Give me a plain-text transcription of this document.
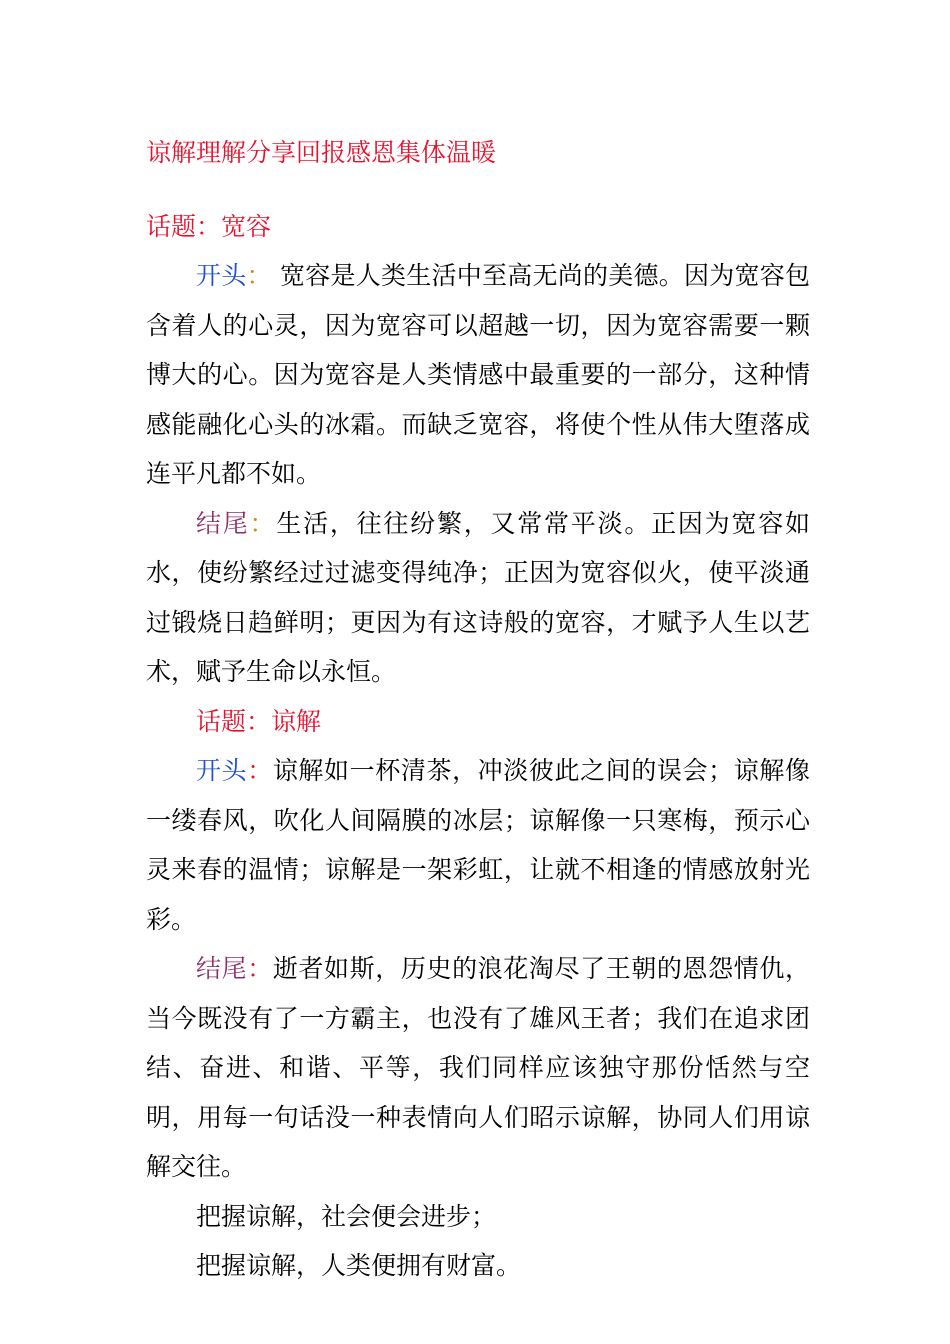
谅解理解分享回报感恩集体温暖

话题：宽容

开头： 宽容是人类生活中至高无尚的美德。因为宽容包含着人的心灵，因为宽容可以超越一切，因为宽容需要一颗博大的心。因为宽容是人类情感中最重要的一部分，这种情感能融化心头的冰霜。而缺乏宽容，将使个性从伟大堕落成连平凡都不如。

结尾：生活，往往纷繁，又常常平淡。正因为宽容如水，使纷繁经过过滤变得纯净；正因为宽容似火，使平淡通过锻烧日趋鲜明；更因为有这诗般的宽容，才赋予人生以艺术，赋予生命以永恒。

话题：谅解

开头：谅解如一杯清茶，冲淡彼此之间的误会；谅解像一缕春风，吹化人间隔膜的冰层；谅解像一只寒梅，预示心灵来春的温情；谅解是一架彩虹，让就不相逢的情感放射光彩。

结尾：逝者如斯，历史的浪花淘尽了王朝的恩怨情仇，当今既没有了一方霸主，也没有了雄风王者；我们在追求团结、奋进、和谐、平等，我们同样应该独守那份恬然与空明，用每一句话没一种表情向人们昭示谅解，协同人们用谅解交往。

把握谅解，社会便会进步；

把握谅解，人类便拥有财富。
